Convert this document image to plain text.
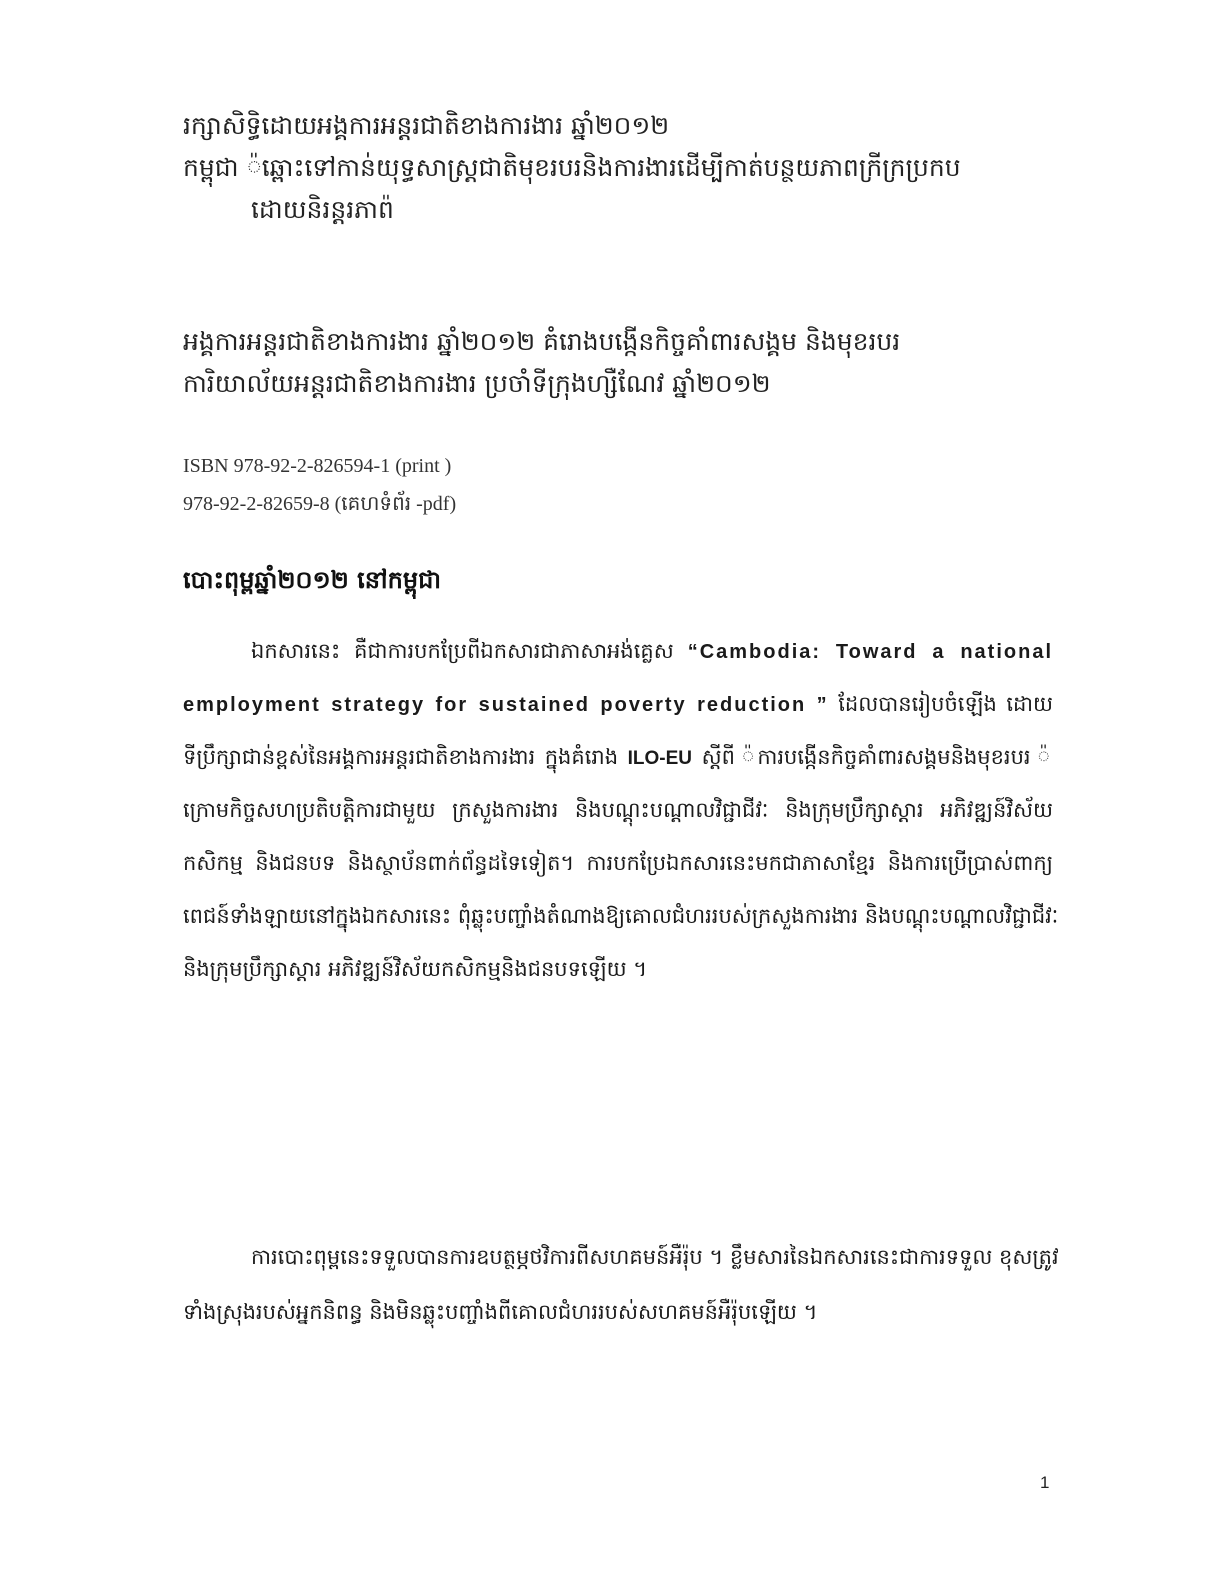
រក្សាសិទ្ធិដោយអង្គការអន្តរជាតិខាងការងារ ឆ្នាំ២០១២
កម្ពុជា ៉ឆ្ពោះទៅកាន់យុទ្ធសាស្ត្រជាតិមុខរបរនិងការងារដើម្បីកាត់បន្ថយភាពក្រីក្រប្រកប
ដោយនិរន្តរភាព៉
អង្គការអន្តរជាតិខាងការងារ ឆ្នាំ២០១២ គំរោងបង្កើនកិច្ចគាំពារសង្គម និងមុខរបរ
ការិយាល័យអន្តរជាតិខាងការងារ ប្រចាំទីក្រុងហ្សឺណែវ ឆ្នាំ២០១២
ISBN 978-92-2-826594-1 (print )
978-92-2-82659-8 (គេហទំព័រ -pdf)
បោះពុម្ពឆ្នាំ២០១២ នៅកម្ពុជា
ឯកសារនេះ គឺជាការបកប្រែពីឯកសារជាភាសាអង់គ្លេស “Cambodia: Toward a national
employment strategy for sustained poverty reduction ” ដែលបានរៀបចំឡើង ដោយ
ទីប្រឹក្សាជាន់ខ្ពស់នៃអង្គការអន្តរជាតិខាងការងារ ក្នុងគំរោង ILO-EU ស្តីពី ៉ការបង្កើនកិច្ចគាំពារសង្គមនិងមុខរបរ ៉
ក្រោមកិច្ចសហប្រតិបត្តិការជាមួយ ក្រសួងការងារ និងបណ្តុះបណ្តាលវិជ្ជាជីវៈ និងក្រុមប្រឹក្សាស្តារ អភិវឌ្ឍន៍វិស័យ
កសិកម្ម និងជនបទ និងស្ថាប័នពាក់ព័ន្ធដទៃទៀត។ ការបកប្រែឯកសារនេះមកជាភាសាខ្មែរ និងការប្រើប្រាស់ពាក្យ
ពេជន៍ទាំងឡាយនៅក្នុងឯកសារនេះ ពុំឆ្លុះបញ្ចាំងតំណាងឱ្យគោលជំហររបស់ក្រសួងការងារ និងបណ្តុះបណ្តាលវិជ្ជាជីវៈ
និងក្រុមប្រឹក្សាស្តារ អភិវឌ្ឍន៍វិស័យកសិកម្មនិងជនបទឡើយ ។
ការបោះពុម្ពនេះទទួលបានការឧបត្ថម្ភថវិការពីសហគមន៍អឺរ៉ុប ។ ខ្លឹមសារនៃឯកសារនេះជាការទទួល ខុសត្រូវ
ទាំងស្រុងរបស់អ្នកនិពន្ធ និងមិនឆ្លុះបញ្ចាំងពីគោលជំហររបស់សហគមន៍អឺរ៉ុបឡើយ ។
1
